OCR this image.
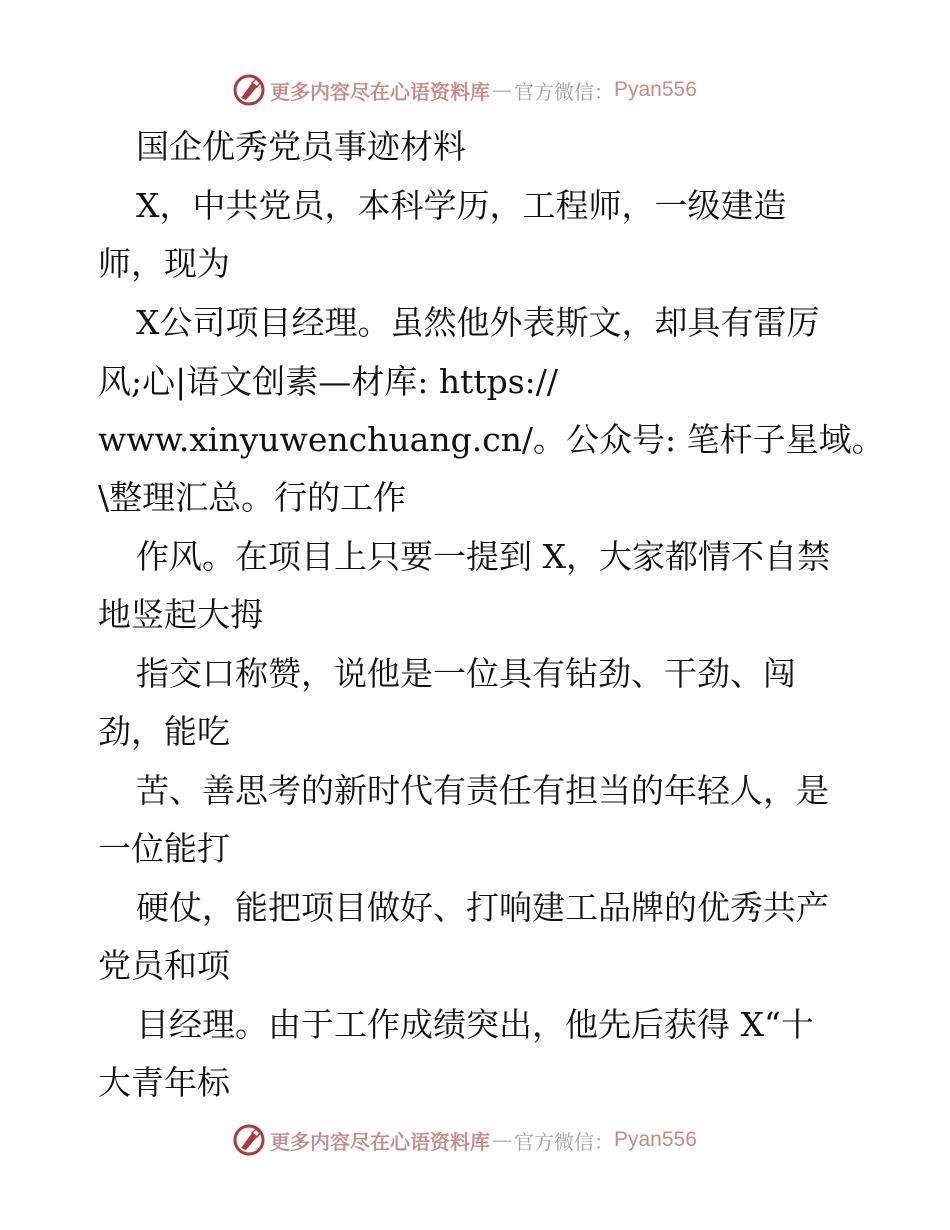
更多内容尽在心语资料库 — 官方微信： Pyan556
国企优秀党员事迹材料
X，中共党员，本科学历，工程师，一级建造
师，现为
X公司项目经理。虽然他外表斯文，却具有雷厉
风;心|语文创素—材库: https://
www.xinyuwenchuang.cn/。公众号: 笔杆子星域。
\整理汇总。行的工作
作风。在项目上只要一提到 X，大家都情不自禁
地竖起大拇
指交口称赞，说他是一位具有钻劲、干劲、闯
劲，能吃
苦、善思考的新时代有责任有担当的年轻人，是
一位能打
硬仗，能把项目做好、打响建工品牌的优秀共产
党员和项
目经理。由于工作成绩突出，他先后获得 X“十
大青年标
更多内容尽在心语资料库 — 官方微信： Pyan556
